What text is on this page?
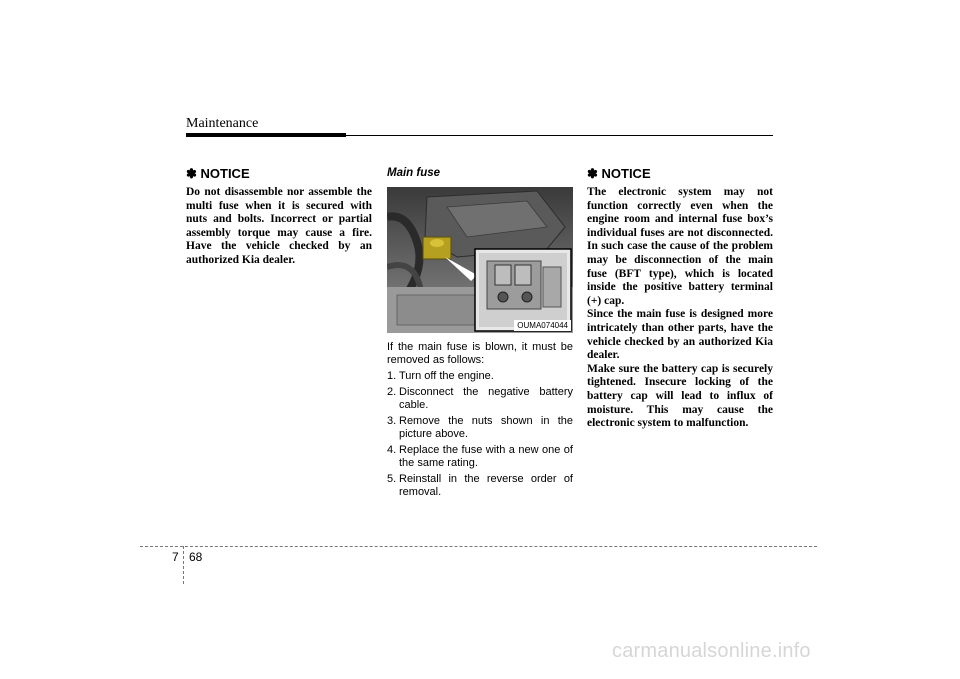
Maintenance
✽ NOTICE
Do not disassemble nor assemble the multi fuse when it is secured with nuts and bolts. Incorrect or partial assembly torque may cause a fire. Have the vehicle checked by an authorized Kia dealer.
Main fuse
OUMA074044
If the main fuse is blown, it must be removed as follows:
1. Turn off the engine.
2. Disconnect the negative battery cable.
3. Remove the nuts shown in the picture above.
4. Replace the fuse with a new one of the same rating.
5. Reinstall in the reverse order of removal.
✽ NOTICE

The electronic system may not function correctly even when the engine room and internal fuse box’s individual fuses are not disconnected. In such case the cause of the problem may be disconnection of the main fuse (BFT type), which is located inside the positive battery terminal (+) cap.

Since the main fuse is designed more intricately than other parts, have the vehicle checked by an authorized Kia dealer.

Make sure the battery cap is securely tightened. Insecure locking of the battery cap will lead to influx of moisture. This may cause the electronic system to malfunction.

7 68
carmanualsonline.info
